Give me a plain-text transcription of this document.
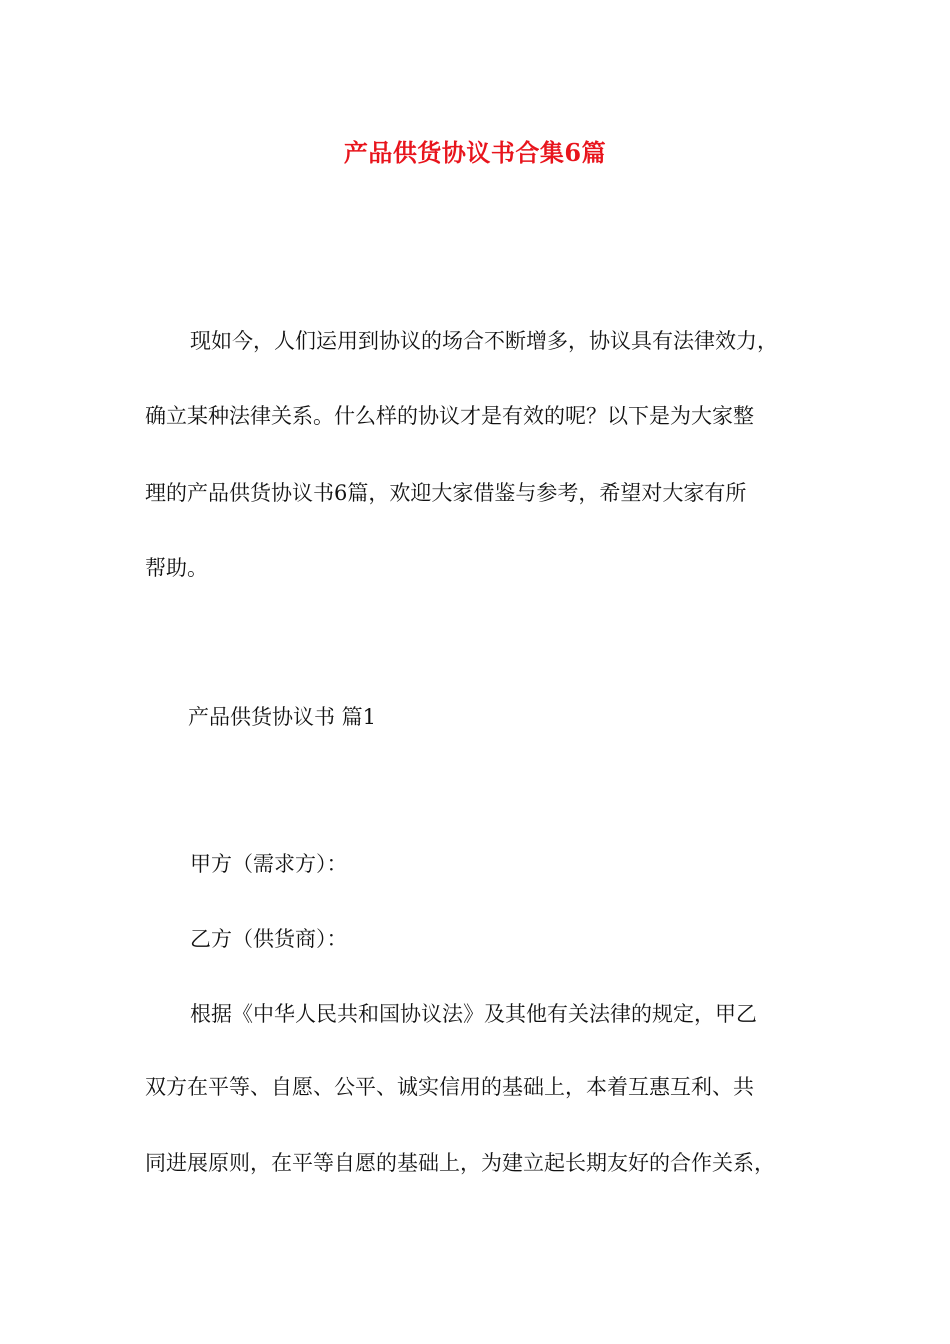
产品供货协议书合集6篇
现如今，人们运用到协议的场合不断增多，协议具有法律效力，
确立某种法律关系。什么样的协议才是有效的呢？以下是为大家整
理的产品供货协议书6篇，欢迎大家借鉴与参考，希望对大家有所
帮助。
产品供货协议书 篇1
甲方（需求方）：
乙方（供货商）：
根据《中华人民共和国协议法》及其他有关法律的规定，甲乙
双方在平等、自愿、公平、诚实信用的基础上，本着互惠互利、共
同进展原则，在平等自愿的基础上，为建立起长期友好的合作关系，
